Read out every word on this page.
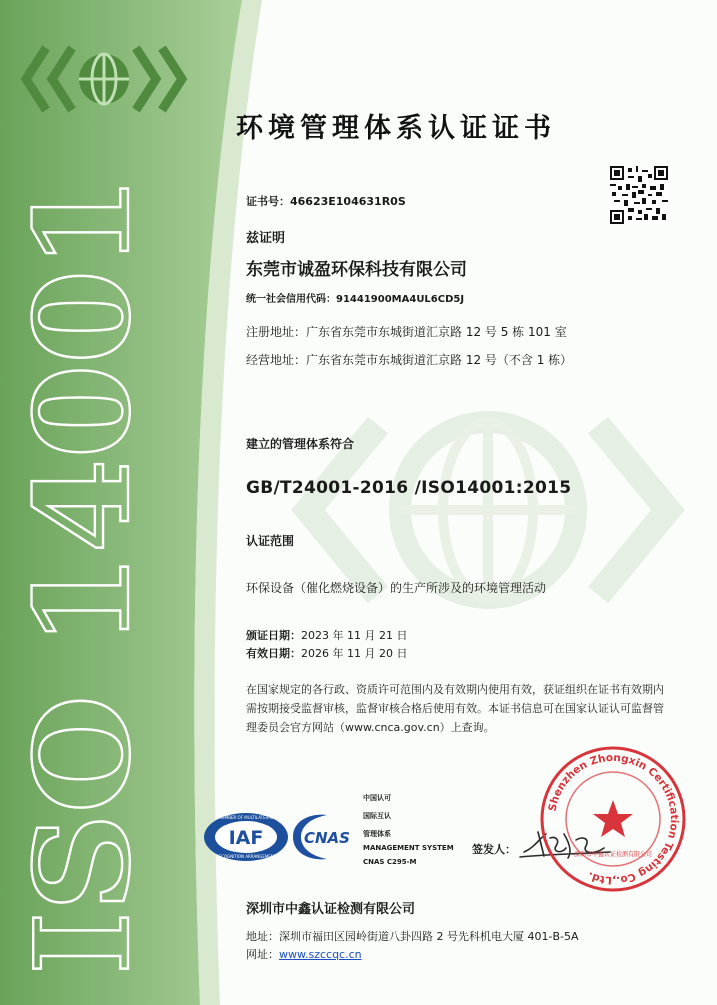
ISO 14001
环境管理体系认证证书
证书号：46623E104631R0S
兹证明
东莞市诚盈环保科技有限公司
统一社会信用代码：91441900MA4UL6CD5J
注册地址：广东省东莞市东城街道汇京路 12 号 5 栋 101 室
经营地址：广东省东莞市东城街道汇京路 12 号（不含 1 栋）
建立的管理体系符合
GB/T24001-2016 /ISO14001:2015
认证范围
环保设备（催化燃烧设备）的生产所涉及的环境管理活动
颁证日期：2023 年 11 月 21 日
有效日期：2026 年 11 月 20 日
在国家规定的各行政、资质许可范围内及有效期内使用有效，获证组织在证书有效期内
需按期接受监督审核，监督审核合格后使用有效。本证书信息可在国家认证认可监督管
理委员会官方网站（www.cnca.gov.cn）上查询。
IAF
MEMBER OF MULTILATERAL
RECOGNITION ARRANGEMENT
CNAS
中国认可
国际互认
管理体系
MANAGEMENT SYSTEM
CNAS C295-M
签发人：
Shenzhen Zhongxin Certification Testing Co.,Ltd.
深圳市中鑫认证检测有限公司
深圳市中鑫认证检测有限公司
地址：深圳市福田区园岭街道八卦四路 2 号先科机电大厦 401-B-5A
网址：www.szccqc.cn
